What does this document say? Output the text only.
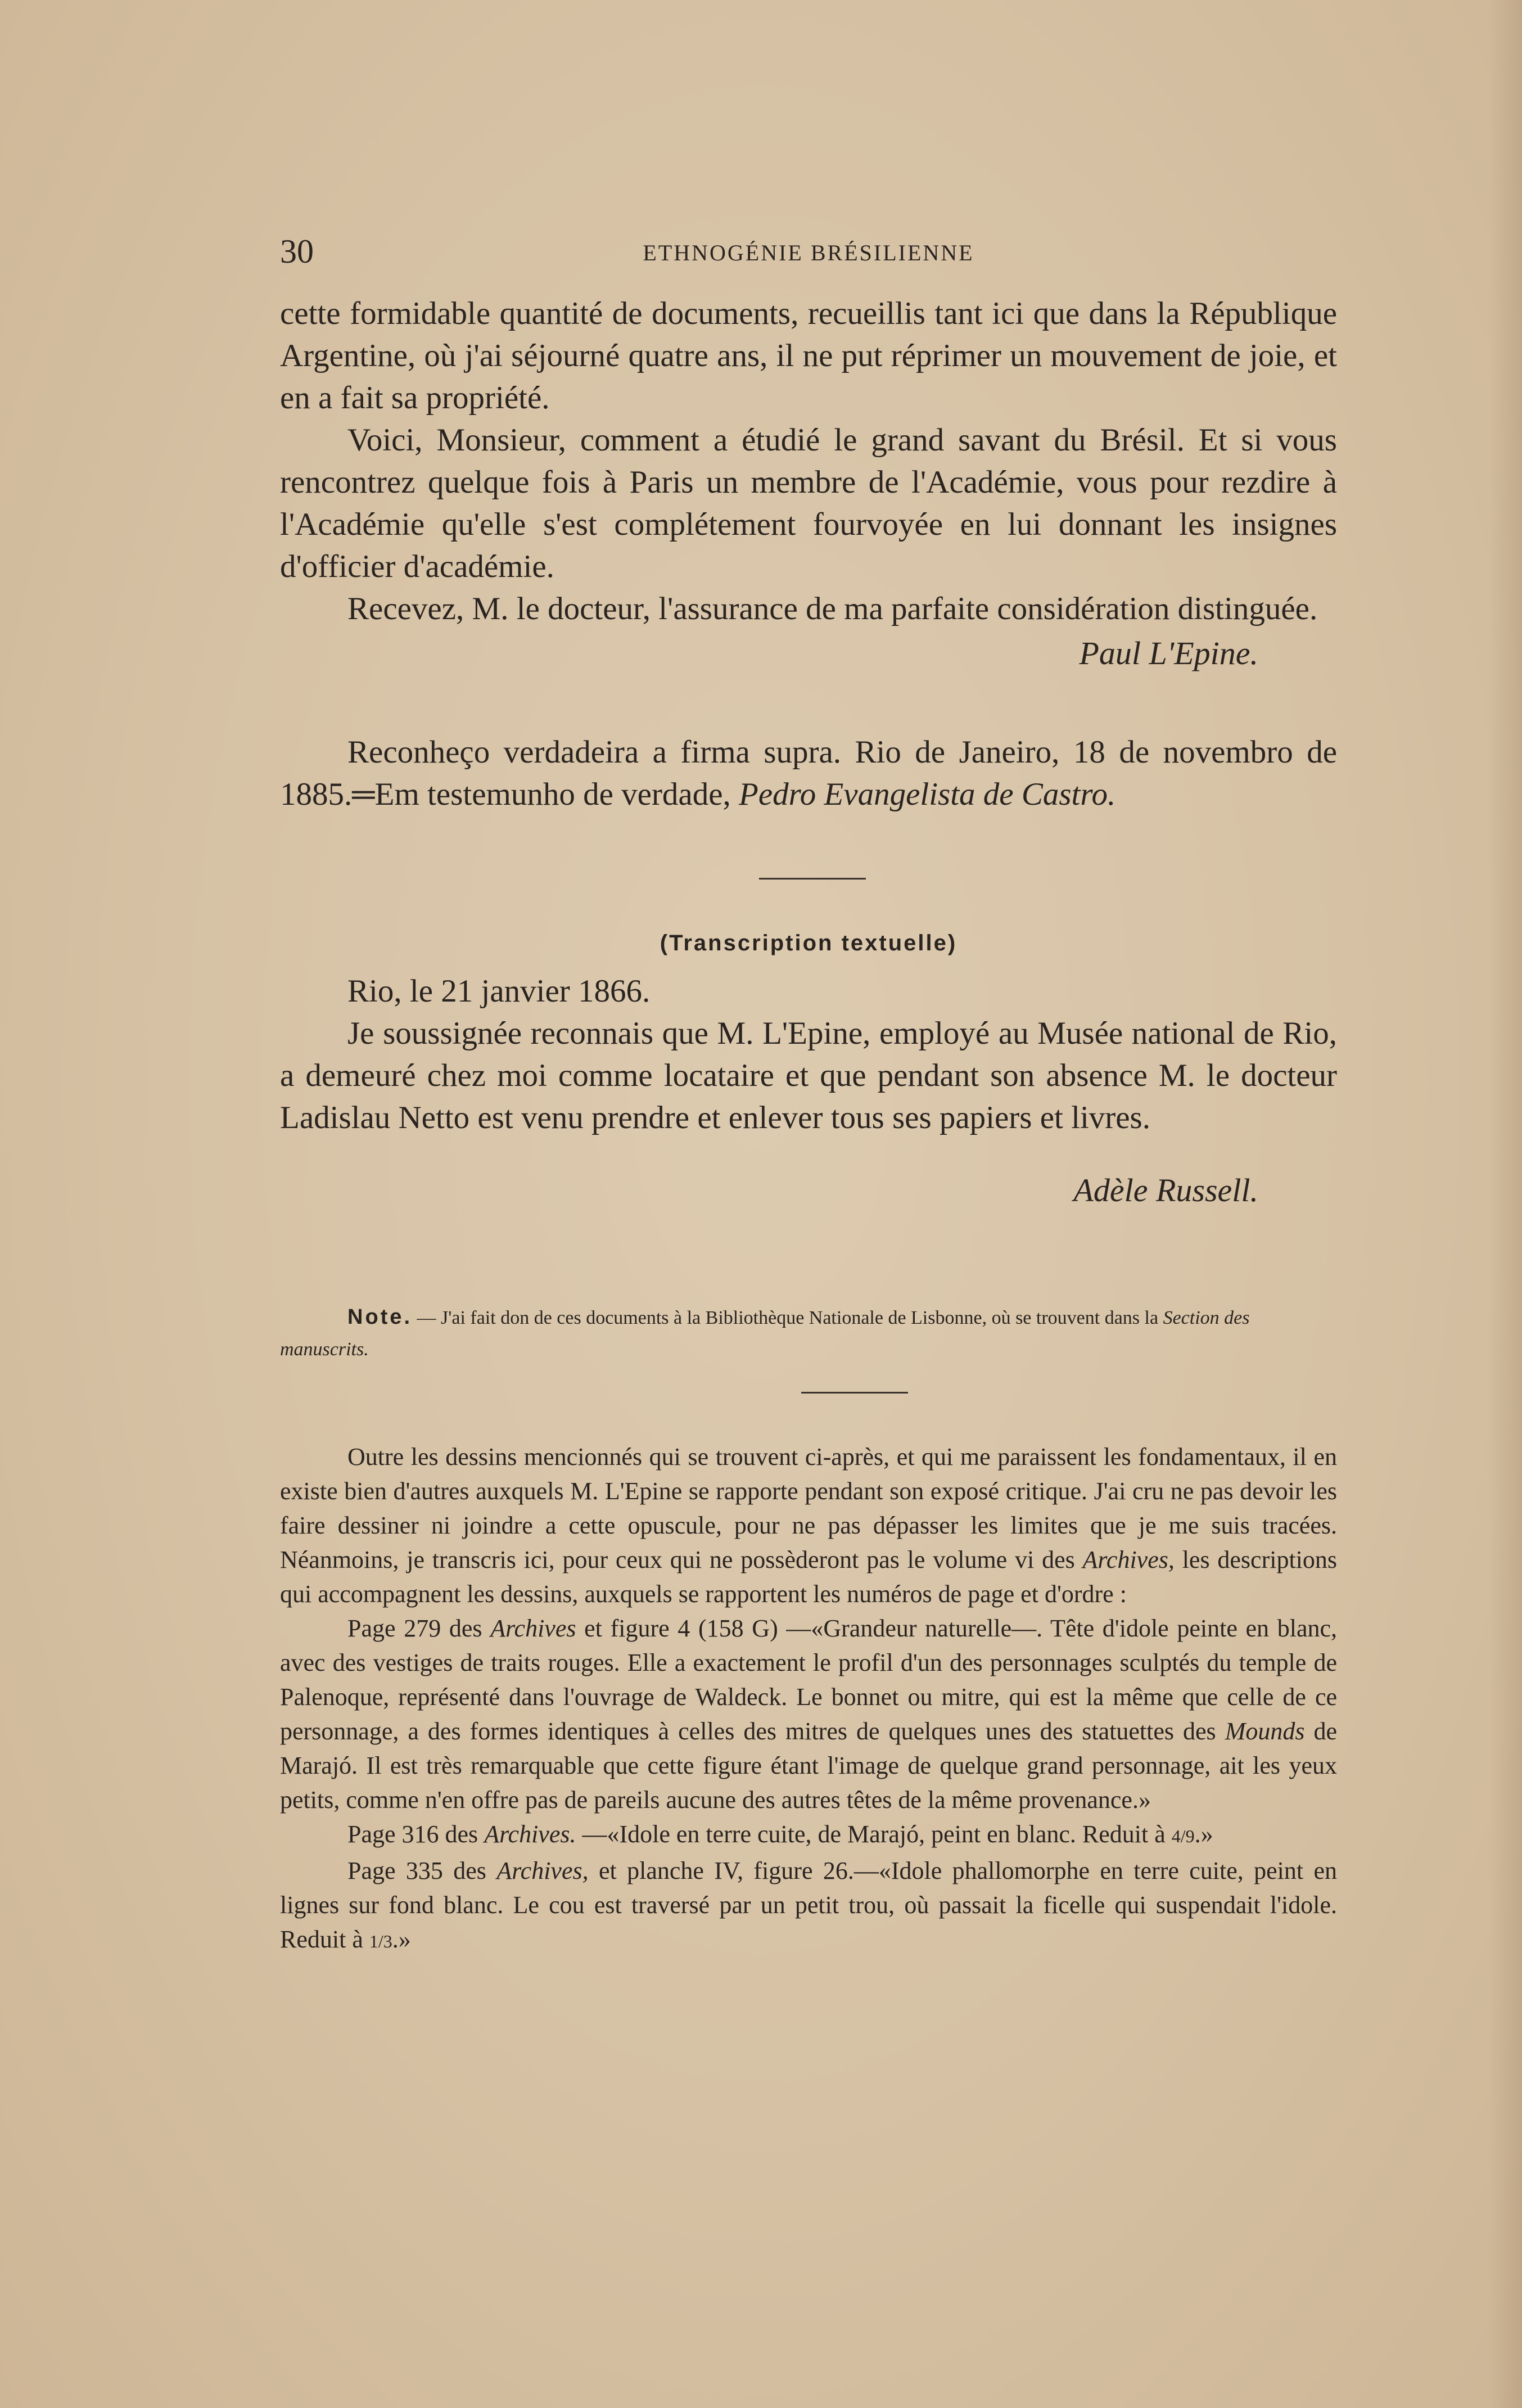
30	ETHNOGÉNIE BRÉSILIENNE

cette formidable quantité de documents, recueillis tant ici que dans la République Argentine, où j'ai séjourné quatre ans, il ne put réprimer un mouvement de joie, et en a fait sa propriété.

Voici, Monsieur, comment a étudié le grand savant du Brésil. Et si vous rencontrez quelque fois à Paris un membre de l'Académie, vous pour rezdire à l'Académie qu'elle s'est complétement fourvoyée en lui donnant les insignes d'officier d'académie.

Recevez, M. le docteur, l'assurance de ma parfaite considération distinguée.

Paul L'Epine.

Reconheço verdadeira a firma supra. Rio de Janeiro, 18 de novembro de 1885.═Em testemunho de verdade, Pedro Evangelista de Castro.

(Transcription textuelle)

Rio, le 21 janvier 1866.

Je soussignée reconnais que M. L'Epine, employé au Musée national de Rio, a demeuré chez moi comme locataire et que pendant son absence M. le docteur Ladislau Netto est venu prendre et enlever tous ses papiers et livres.

Adèle Russell.

Note. — J'ai fait don de ces documents à la Bibliothèque Nationale de Lisbonne, où se trouvent dans la Section des manuscrits.

Outre les dessins mencionnés qui se trouvent ci-après, et qui me paraissent les fondamentaux, il en existe bien d'autres auxquels M. L'Epine se rapporte pendant son exposé critique. J'ai cru ne pas devoir les faire dessiner ni joindre a cette opuscule, pour ne pas dépasser les limites que je me suis tracées. Néanmoins, je transcris ici, pour ceux qui ne possèderont pas le volume vi des Archives, les descriptions qui accompagnent les dessins, auxquels se rapportent les numéros de page et d'ordre :

Page 279 des Archives et figure 4 (158 G) —«Grandeur naturelle—. Tête d'idole peinte en blanc, avec des vestiges de traits rouges. Elle a exactement le profil d'un des personnages sculptés du temple de Palenoque, représenté dans l'ouvrage de Waldeck. Le bonnet ou mitre, qui est la même que celle de ce personnage, a des formes identiques à celles des mitres de quelques unes des statuettes des Mounds de Marajó. Il est très remarquable que cette figure étant l'image de quelque grand personnage, ait les yeux petits, comme n'en offre pas de pareils aucune des autres têtes de la même provenance.»

Page 316 des Archives. —«Idole en terre cuite, de Marajó, peint en blanc. Reduit à 4/9.»

Page 335 des Archives, et planche IV, figure 26.—«Idole phallomorphe en terre cuite, peint en lignes sur fond blanc. Le cou est traversé par un petit trou, où passait la ficelle qui suspendait l'idole. Reduit à 1/3.»
